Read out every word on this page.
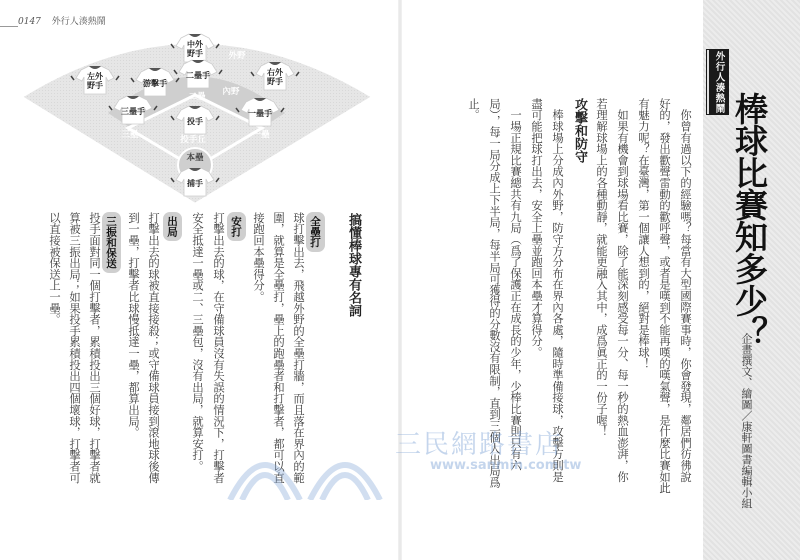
0147 外行人湊熱鬧
外野
內野
投手丘	一壘
二壘
三壘
本壘
中外野手
左外野手
右外野手
游擊手
二壘手
三壘手
投手
一壘手
捕手
搞懂棒球專有名詞
全壘打
球打擊出去，飛越外野的全壘打牆，而且落在界內的範
圍，就算是全壘打，壘上的跑壘者和打擊者，都可以直
接跑回本壘得分。
安打
打擊出去的球，在守備球員沒有失誤的情況下，打擊者
安全抵達一壘或二、三壘包，沒有出局，就算安打。
出局
打擊出去的球被直接接殺；或守備球員接到滾地球後傳
到一壘，打擊者比球慢抵達一壘，都算出局。
三振和保送
投手面對同一個打擊者，累積投出三個好球，打擊者就
算被三振出局；如果投手累積投出四個壞球，打擊者可
以直接被保送上一壘。
外行人湊熱鬧
棒球比賽知多少？
企畫撰文、繪圖／康軒圖書編輯小組
攻擊和防守	　你曾有過以下的經驗嗎？每當有大型國際賽事時，你會發現，鄰居們彷彿說
好的，發出歡聲雷動的歡呼聲，或者是嘆到不能再嘆的嘆氣聲，是什麼比賽如此
有魅力呢？在臺灣，第一個讓人想到的，絕對是棒球！
　如果有機會到球場看比賽，除了能深刻感受每一分、每一秒的熱血澎湃，你
若理解球場上的各種動靜，就能更融入其中，成爲眞正的一份子喔！
　棒球場上分成內外野，防守方分布在界內各處，隨時準備接球，攻擊方則是
盡可能把球打出去，安全上壘並跑回本壘才算得分。
　一場正規比賽總共有九局（爲了保護正在成長的少年，少棒比賽則只有六
局），每一局分成上下半局，每半局可獲得的分數沒有限制，直到三個人出局爲
止。
三民網路書店
www.sanmin.com.tw
